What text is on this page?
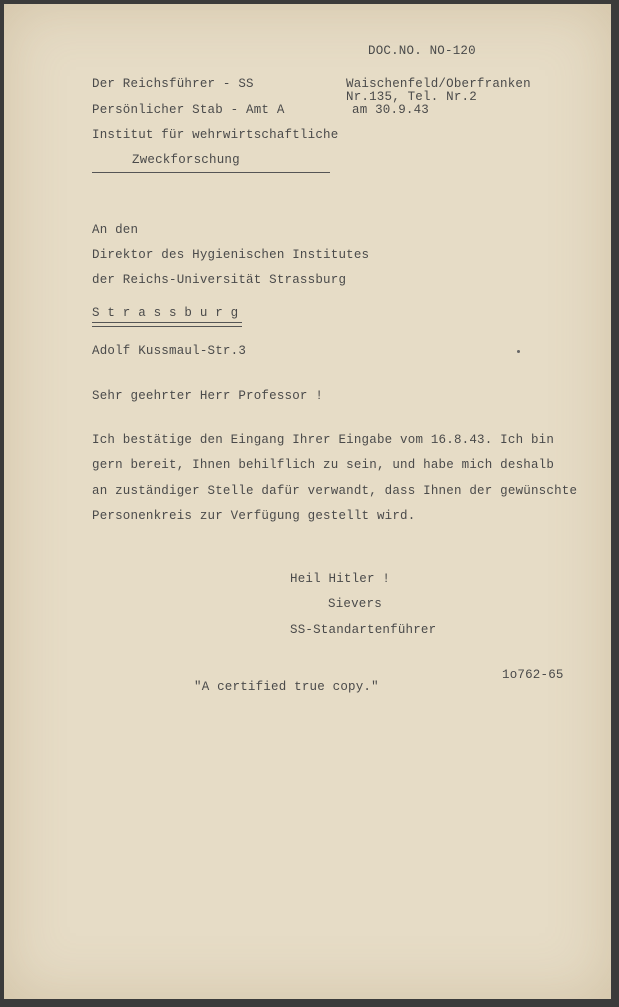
DOC.NO. NO-120
Der Reichsführer - SS
Persönlicher Stab - Amt A
Institut für wehrwirtschaftliche
Zweckforschung
Waischenfeld/Oberfranken
Nr.135, Tel. Nr.2
am 30.9.43
An den
Direktor des Hygienischen Institutes
der Reichs-Universität Strassburg
S t r a s s b u r g
Adolf Kussmaul-Str.3
Sehr geehrter Herr Professor !
Ich bestätige den Eingang Ihrer Eingabe vom 16.8.43. Ich bin
gern bereit, Ihnen behilflich zu sein, und habe mich deshalb
an zuständiger Stelle dafür verwandt, dass Ihnen der gewünschte
Personenkreis zur Verfügung gestellt wird.
Heil Hitler !
Sievers
SS-Standartenführer
1o762-65
"A certified true copy."
